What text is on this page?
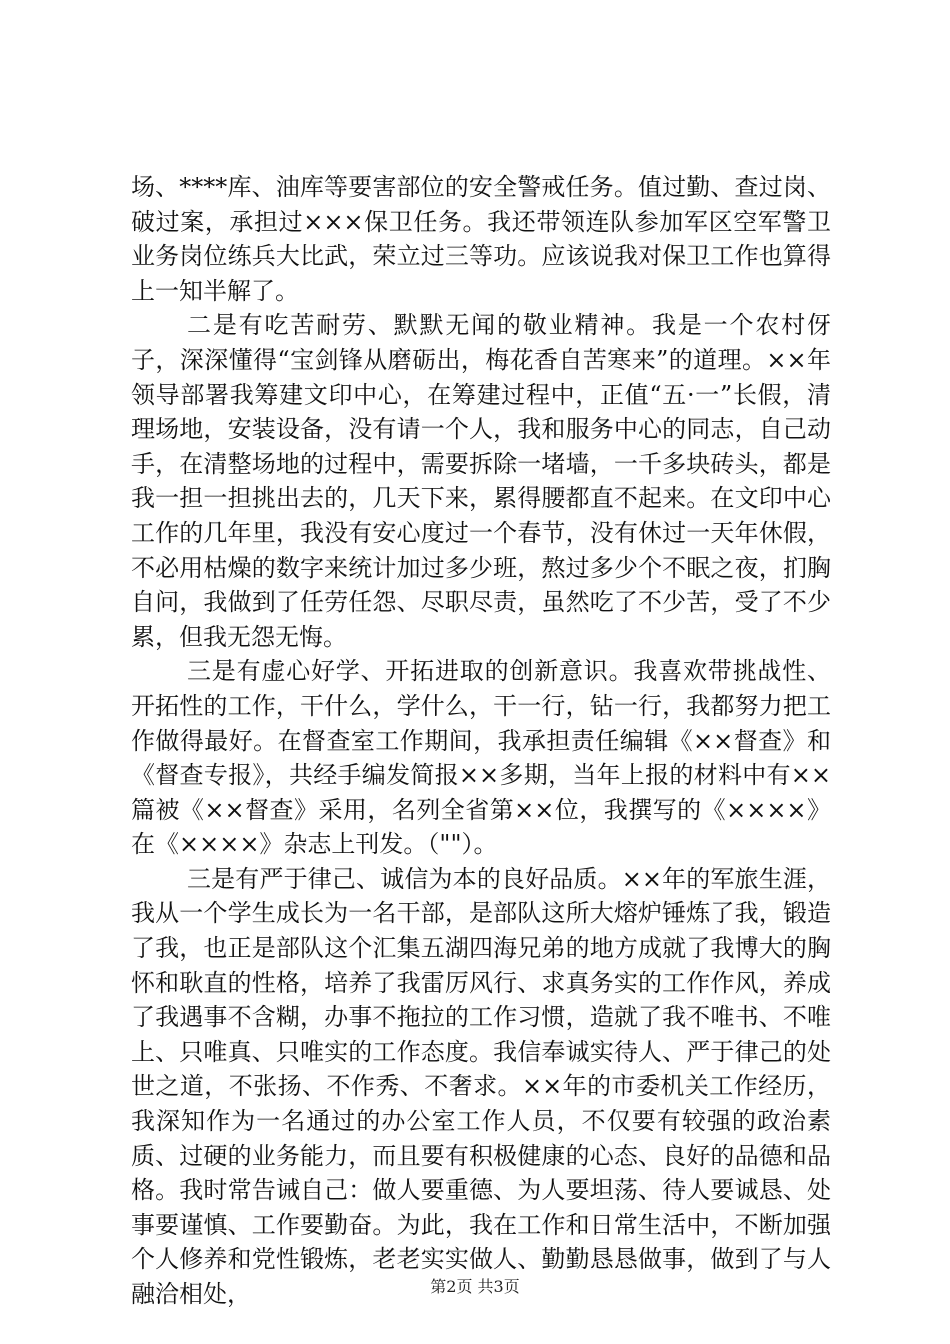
场、****库、油库等要害部位的安全警戒任务。值过勤、查过岗、破过案，承担过×××保卫任务。我还带领连队参加军区空军警卫业务岗位练兵大比武，荣立过三等功。应该说我对保卫工作也算得上一知半解了。

二是有吃苦耐劳、默默无闻的敬业精神。我是一个农村伢子，深深懂得“宝剑锋从磨砺出，梅花香自苦寒来”的道理。××年领导部署我筹建文印中心，在筹建过程中，正值“五·一”长假，清理场地，安装设备，没有请一个人，我和服务中心的同志，自己动手，在清整场地的过程中，需要拆除一堵墙，一千多块砖头，都是我一担一担挑出去的，几天下来，累得腰都直不起来。在文印中心工作的几年里，我没有安心度过一个春节，没有休过一天年休假，不必用枯燥的数字来统计加过多少班，熬过多少个不眠之夜，扪胸自问，我做到了任劳任怨、尽职尽责，虽然吃了不少苦，受了不少累，但我无怨无悔。

三是有虚心好学、开拓进取的创新意识。我喜欢带挑战性、开拓性的工作，干什么，学什么，干一行，钻一行，我都努力把工作做得最好。在督查室工作期间，我承担责任编辑《××督查》和《督查专报》，共经手编发简报××多期，当年上报的材料中有××篇被《××督查》采用，名列全省第××位，我撰写的《××××》在《××××》杂志上刊发。（""）。

三是有严于律己、诚信为本的良好品质。××年的军旅生涯，我从一个学生成长为一名干部，是部队这所大熔炉锤炼了我，锻造了我，也正是部队这个汇集五湖四海兄弟的地方成就了我博大的胸怀和耿直的性格，培养了我雷厉风行、求真务实的工作作风，养成了我遇事不含糊，办事不拖拉的工作习惯，造就了我不唯书、不唯上、只唯真、只唯实的工作态度。我信奉诚实待人、严于律己的处世之道，不张扬、不作秀、不奢求。××年的市委机关工作经历，我深知作为一名通过的办公室工作人员，不仅要有较强的政治素质、过硬的业务能力，而且要有积极健康的心态、良好的品德和品格。我时常告诫自己：做人要重德、为人要坦荡、待人要诚恳、处事要谨慎、工作要勤奋。为此，我在工作和日常生活中，不断加强个人修养和党性锻炼，老老实实做人、勤勤恳恳做事，做到了与人融洽相处，	第2页 共3页
